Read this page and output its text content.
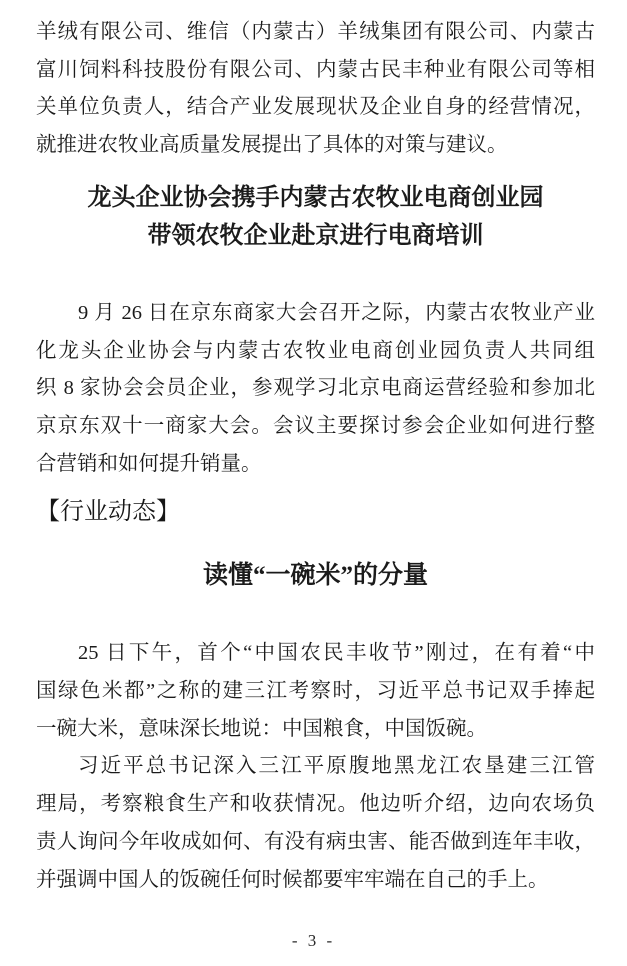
羊绒有限公司、维信（内蒙古）羊绒集团有限公司、内蒙古
富川饲料科技股份有限公司、内蒙古民丰种业有限公司等相
关单位负责人，结合产业发展现状及企业自身的经营情况，
就推进农牧业高质量发展提出了具体的对策与建议。
龙头企业协会携手内蒙古农牧业电商创业园
带领农牧企业赴京进行电商培训
9 月 26 日在京东商家大会召开之际，内蒙古农牧业产业
化龙头企业协会与内蒙古农牧业电商创业园负责人共同组
织 8 家协会会员企业，参观学习北京电商运营经验和参加北
京京东双十一商家大会。会议主要探讨参会企业如何进行整
合营销和如何提升销量。
【行业动态】
读懂“一碗米”的分量
25 日下午，首个“中国农民丰收节”刚过，在有着“中
国绿色米都”之称的建三江考察时，习近平总书记双手捧起
一碗大米，意味深长地说：中国粮食，中国饭碗。
习近平总书记深入三江平原腹地黑龙江农垦建三江管
理局，考察粮食生产和收获情况。他边听介绍，边向农场负
责人询问今年收成如何、有没有病虫害、能否做到连年丰收，
并强调中国人的饭碗任何时候都要牢牢端在自己的手上。
- 3 -
